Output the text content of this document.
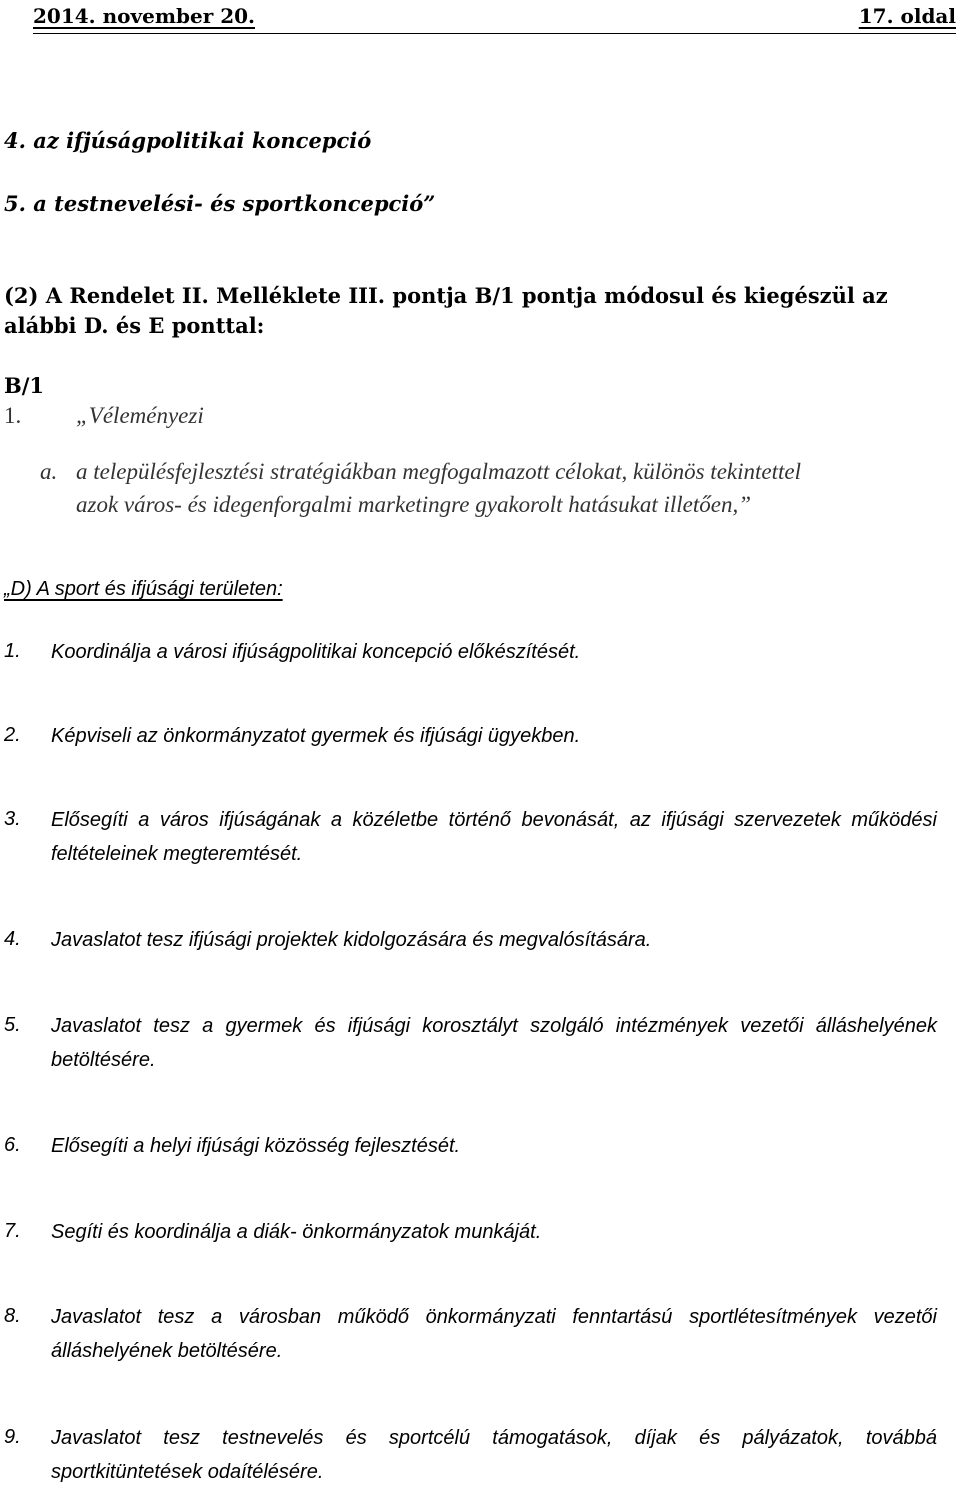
2014. november 20.	17. oldal
4. az ifjúságpolitikai koncepció
5. a testnevelési- és sportkoncepció”
(2) A Rendelet II. Melléklete III. pontja B/1 pontja módosul és kiegészül az
alábbi D. és E ponttal:
B/1
1. „Véleményezi
a. a településfejlesztési stratégiákban megfogalmazott célokat, különös tekintettel
azok város- és idegenforgalmi marketingre gyakorolt hatásukat illetően,”
„D) A sport és ifjúsági területen:
1. Koordinálja a városi ifjúságpolitikai koncepció előkészítését.
2. Képviseli az önkormányzatot gyermek és ifjúsági ügyekben.
3. Elősegíti a város ifjúságának a közéletbe történő bevonását, az ifjúsági szervezetek működési feltételeinek megteremtését.
4. Javaslatot tesz ifjúsági projektek kidolgozására és megvalósítására.
5. Javaslatot tesz a gyermek és ifjúsági korosztályt szolgáló intézmények vezetői álláshelyének betöltésére.
6. Elősegíti a helyi ifjúsági közösség fejlesztését.
7. Segíti és koordinálja a diák- önkormányzatok munkáját.
8. Javaslatot tesz a városban működő önkormányzati fenntartású sportlétesítmények vezetői álláshelyének betöltésére.
9. Javaslatot tesz testnevelés és sportcélú támogatások, díjak és pályázatok, továbbá sportkitüntetések odaítélésére.
